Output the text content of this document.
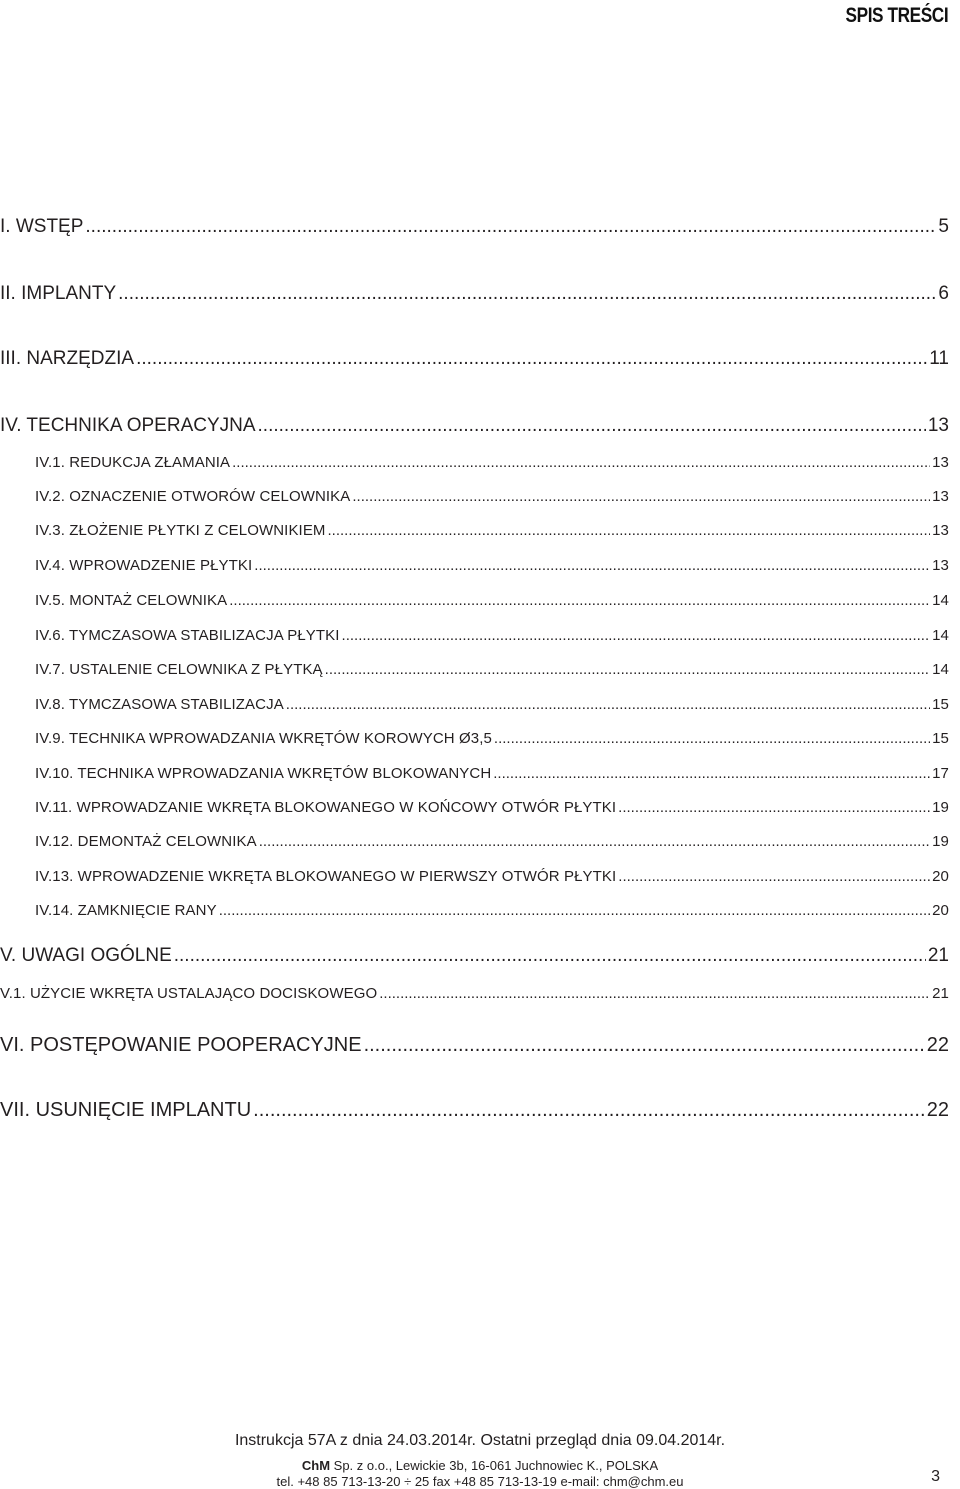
SPIS TREŚCI
I. WSTĘP .....	5
II. IMPLANTY .....	6
III. NARZĘDZIA .....	11
IV. TECHNIKA OPERACYJNA .....	13
IV.1. REDUKCJA ZŁAMANIA .....	13
IV.2. OZNACZENIE OTWORÓW CELOWNIKA .....	13
IV.3. ZŁOŻENIE PŁYTKI Z CELOWNIKIEM .....	13
IV.4. WPROWADZENIE PŁYTKI .....	13
IV.5. MONTAŻ CELOWNIKA .....	14
IV.6. TYMCZASOWA STABILIZACJA PŁYTKI .....	14
IV.7. USTALENIE CELOWNIKA Z PŁYTKĄ .....	14
IV.8. TYMCZASOWA STABILIZACJA .....	15
IV.9. TECHNIKA WPROWADZANIA WKRĘTÓW KOROWYCH Ø3,5 .....	15
IV.10. TECHNIKA WPROWADZANIA WKRĘTÓW BLOKOWANYCH .....	17
IV.11. WPROWADZANIE WKRĘTA BLOKOWANEGO W KOŃCOWY OTWÓR PŁYTKI .....	19
IV.12. DEMONTAŻ CELOWNIKA .....	19
IV.13. WPROWADZENIE WKRĘTA BLOKOWANEGO W PIERWSZY OTWÓR PŁYTKI .....	20
IV.14. ZAMKNIĘCIE RANY .....	20
V. UWAGI OGÓLNE .....	21
V.1. UŻYCIE WKRĘTA USTALAJĄCO DOCISKOWEGO .....	21
VI. POSTĘPOWANIE POOPERACYJNE .....	22
VII. USUNIĘCIE IMPLANTU .....	22
Instrukcja 57A z dnia 24.03.2014r. Ostatni przegląd dnia 09.04.2014r.
ChM Sp. z o.o., Lewickie 3b, 16-061 Juchnowiec K., POLSKA
tel. +48 85 713-13-20 ÷ 25 fax +48 85 713-13-19 e-mail: chm@chm.eu	3
